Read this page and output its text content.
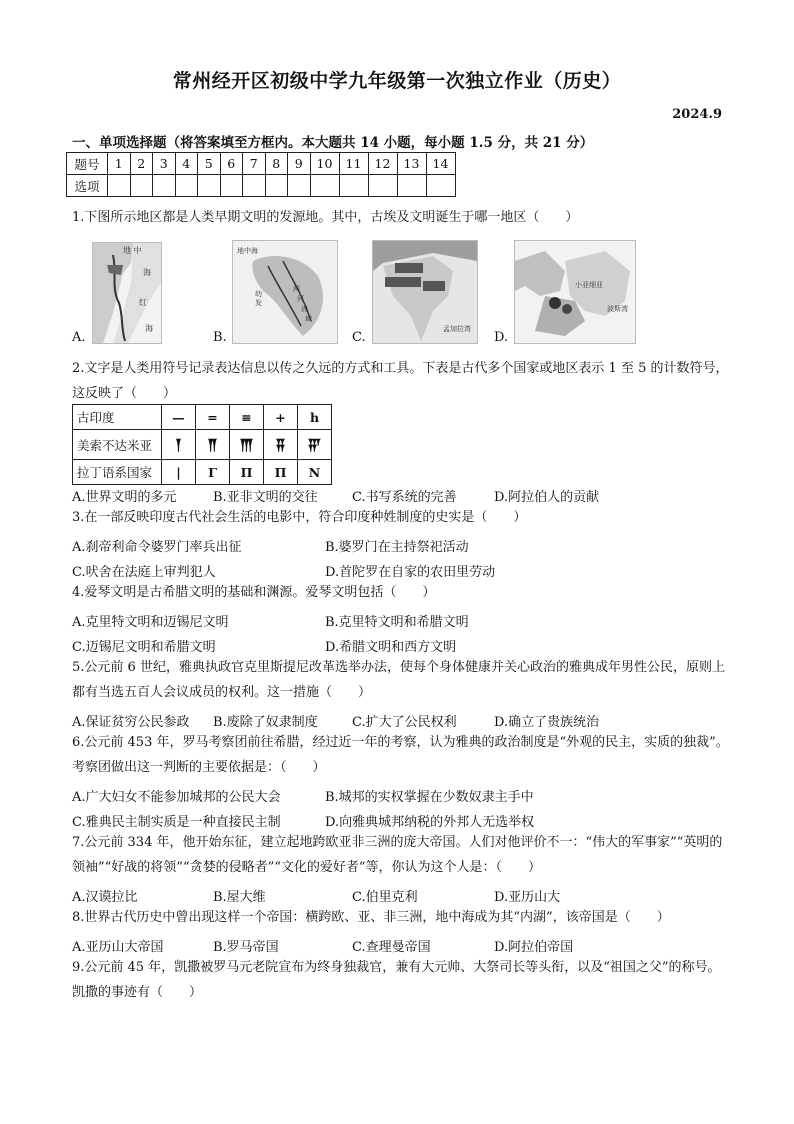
常州经开区初级中学九年级第一次独立作业（历史）
2024.9
一、单项选择题（将答案填至方框内。本大题共 14 小题，每小题 1.5 分，共 21 分）
题号	1	2	3	4	5	6	7	8	9	10	11	12	13	14
选项														
1.下图所示地区都是人类早期文明的发源地。其中，古埃及文明诞生于哪一地区（　　）
A.
地 中
海
红
海
B.
地中海
幼
发
两
河
流
域
C.
孟加拉湾
D.
小亚细亚
波斯湾
2.文字是人类用符号记录表达信息以传之久远的方式和工具。下表是古代多个国家或地区表示 1 至 5 的计数符号，这反映了（　　）
古印度	—	=	≡	+	h
美索不达米亚	𒐕	𒐖	𒐗	𒐘	𒐙
拉丁语系国家	|	Γ	Π	Π	Ν
A.世界文明的多元	B.亚非文明的交往	C.书写系统的完善	D.阿拉伯人的贡献
3.在一部反映印度古代社会生活的电影中，符合印度种姓制度的史实是（　　）
A.刹帝利命令婆罗门率兵出征	B.婆罗门在主持祭祀活动
C.吠舍在法庭上审判犯人	D.首陀罗在自家的农田里劳动
4.爱琴文明是古希腊文明的基础和渊源。爱琴文明包括（　　）
A.克里特文明和迈锡尼文明	B.克里特文明和希腊文明
C.迈锡尼文明和希腊文明	D.希腊文明和西方文明
5.公元前 6 世纪，雅典执政官克里斯提尼改革选举办法，使每个身体健康并关心政治的雅典成年男性公民，原则上都有当选五百人会议成员的权利。这一措施（　　）
A.保证贫穷公民参政 B.废除了奴隶制度	C.扩大了公民权利	D.确立了贵族统治
6.公元前 453 年，罗马考察团前往希腊，经过近一年的考察，认为雅典的政治制度是“外观的民主，实质的独裁”。考察团做出这一判断的主要依据是：（　　）
A.广大妇女不能参加城邦的公民大会	B.城邦的实权掌握在少数奴隶主手中
C.雅典民主制实质是一种直接民主制	D.向雅典城邦纳税的外邦人无选举权
7.公元前 334 年，他开始东征，建立起地跨欧亚非三洲的庞大帝国。人们对他评价不一：“伟大的军事家”“英明的领袖”“好战的将领”“贪婪的侵略者”“文化的爱好者”等，你认为这个人是：（　　）
A.汉谟拉比	B.屋大维	C.伯里克利	D.亚历山大
8.世界古代历史中曾出现这样一个帝国：横跨欧、亚、非三洲，地中海成为其“内湖”，该帝国是（　　）
A.亚历山大帝国	B.罗马帝国	C.查理曼帝国	D.阿拉伯帝国
9.公元前 45 年，凯撒被罗马元老院宣布为终身独裁官，兼有大元帅、大祭司长等头衔，以及“祖国之父”的称号。凯撒的事迹有（　　）
